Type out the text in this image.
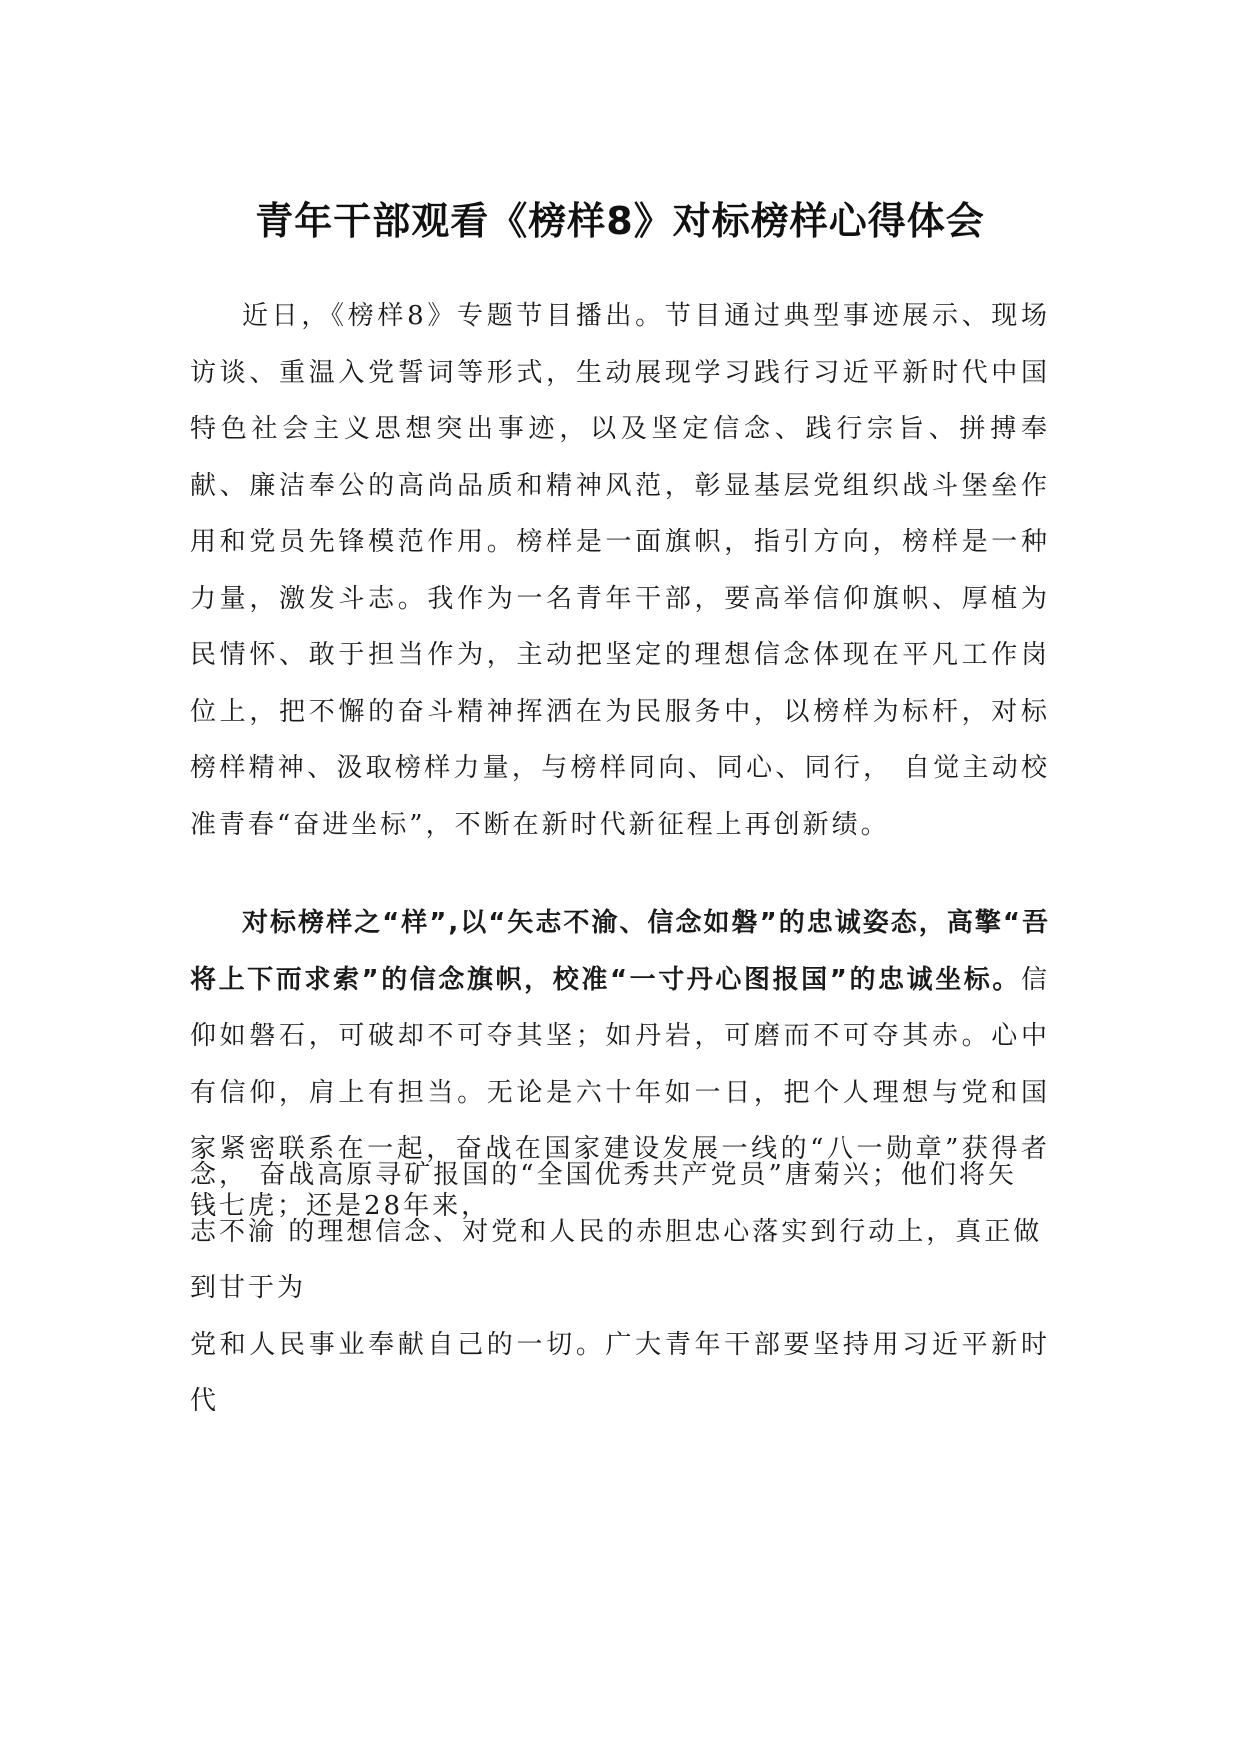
青年干部观看《榜样8》对标榜样心得体会
近日，《榜样8》专题节目播出。节目通过典型事迹展示、现场访谈、重温入党誓词等形式，生动展现学习践行习近平新时代中国特色社会主义思想突出事迹，以及坚定信念、践行宗旨、拼搏奉献、廉洁奉公的高尚品质和精神风范，彰显基层党组织战斗堡垒作用和党员先锋模范作用。榜样是一面旗帜，指引方向，榜样是一种力量，激发斗志。我作为一名青年干部，要高举信仰旗帜、厚植为民情怀、敢于担当作为，主动把坚定的理想信念体现在平凡工作岗位上，把不懈的奋斗精神挥洒在为民服务中，以榜样为标杆，对标榜样精神、汲取榜样力量，与榜样同向、同心、同行， 自觉主动校准青春“奋进坐标”，不断在新时代新征程上再创新绩。
对标榜样之“样”,以“矢志不渝、信念如磐”的忠诚姿态，高擎“吾将上下而求索”的信念旗帜，校准“一寸丹心图报国”的忠诚坐标。信仰如磐石，可破却不可夺其坚；如丹岩，可磨而不可夺其赤。心中有信仰，肩上有担当。无论是六十年如一日，把个人理想与党和国家紧密联系在一起，奋战在国家建设发展一线的“八一勋章”获得者钱七虎；还是28年来，
念， 奋战高原寻矿报国的“全国优秀共产党员”唐菊兴；他们将矢
志不渝 的理想信念、对党和人民的赤胆忠心落实到行动上，真正做
到甘于为
党和人民事业奉献自己的一切。广大青年干部要坚持用习近平新时代
